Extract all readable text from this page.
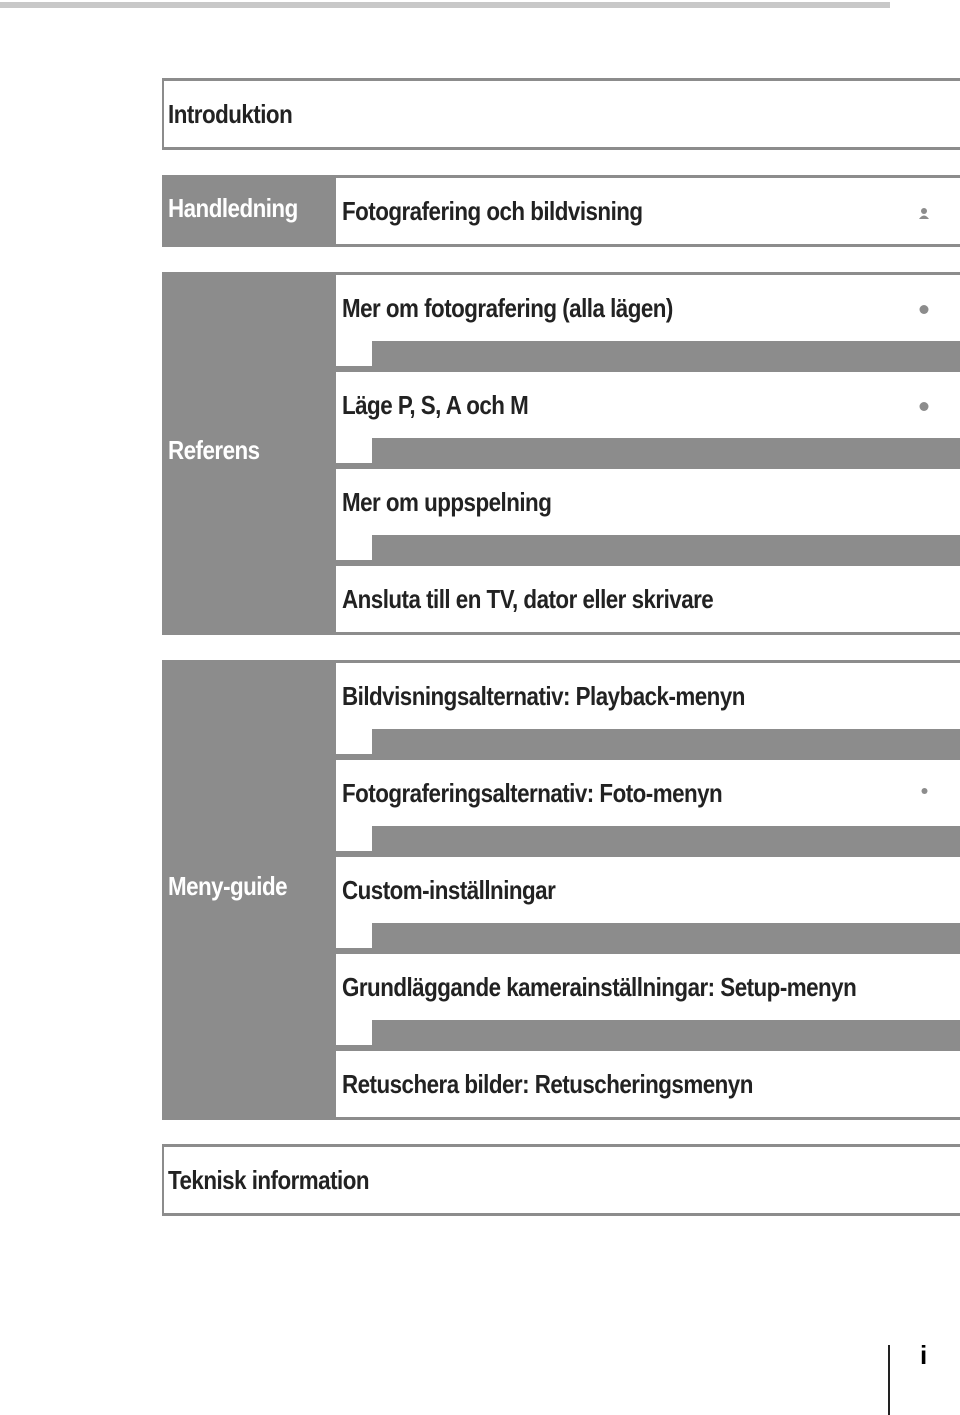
Introduktion
Handledning Fotografering och bildvisning
Referens
Mer om fotografering (alla lägen)
Läge P, S, A och M
Mer om uppspelning
Ansluta till en TV, dator eller skrivare
Meny-guide
Bildvisningsalternativ: Playback-menyn
Fotograferingsalternativ: Foto-menyn
Custom-inställningar
Grundläggande kamerainställningar: Setup-menyn
Retuschera bilder: Retuscheringsmenyn
Teknisk information
i
